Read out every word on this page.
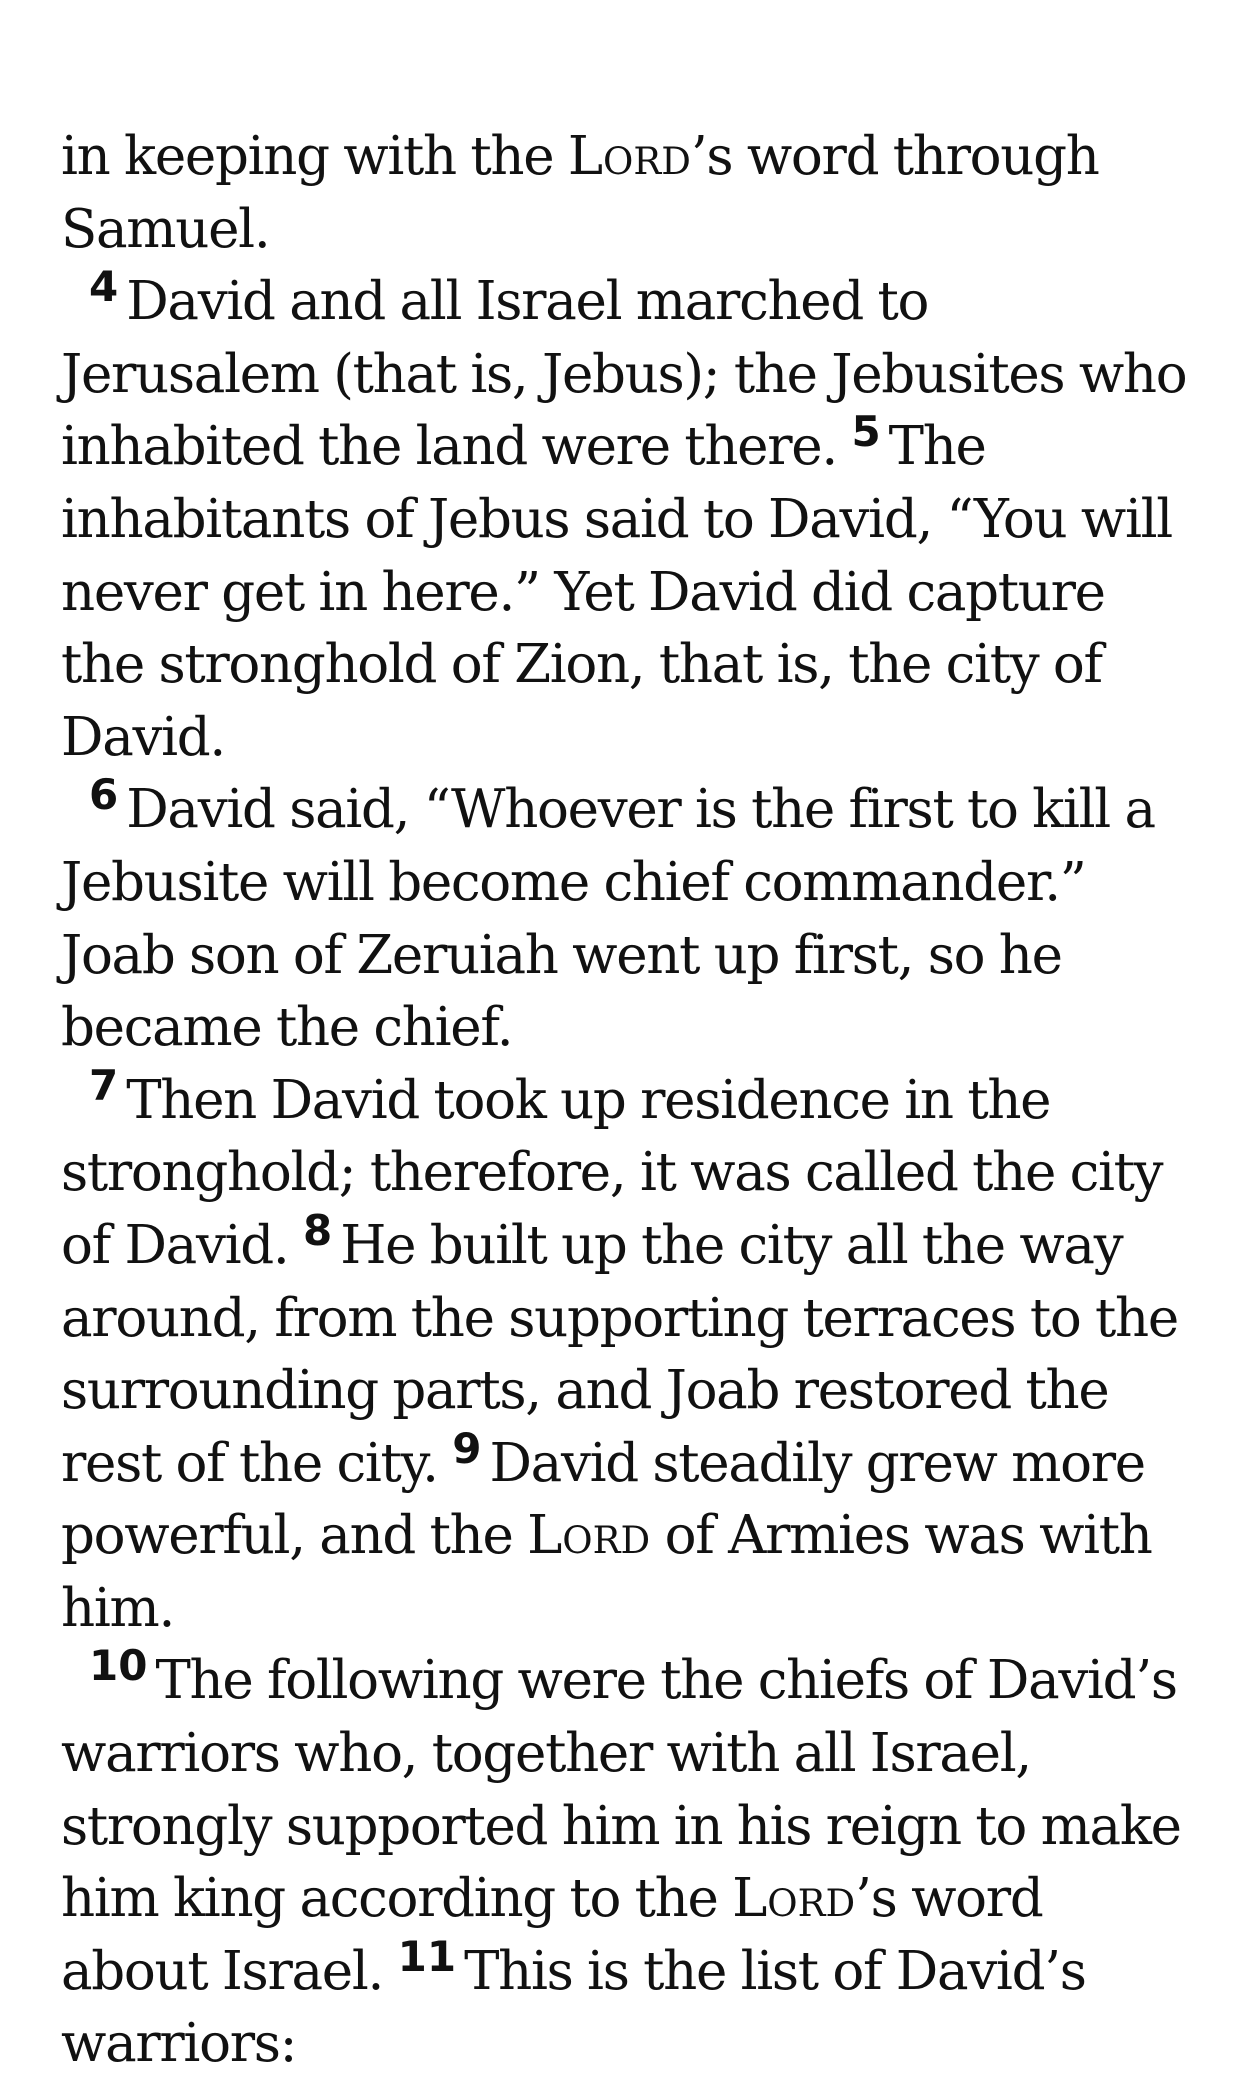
in keeping with the Lord’s word through Samuel.

$^4$ David and all Israel marched to Jerusalem (that is, Jebus); the Jebusites who inhabited the land were there. $^5$ The inhabitants of Jebus said to David, “You will never get in here.” Yet David did capture the stronghold of Zion, that is, the city of David.

$^6$ David said, “Whoever is the first to kill a Jebusite will become chief commander.” Joab son of Zeruiah went up first, so he became the chief.

$^7$ Then David took up residence in the stronghold; therefore, it was called the city of David. $^8$ He built up the city all the way around, from the supporting terraces to the surrounding parts, and Joab restored the rest of the city. $^9$ David steadily grew more powerful, and the Lord of Armies was with him.

$^{10}$ The following were the chiefs of David’s warriors who, together with all Israel, strongly supported him in his reign to make him king according to the Lord’s word about Israel. $^{11}$ This is the list of David’s warriors:
